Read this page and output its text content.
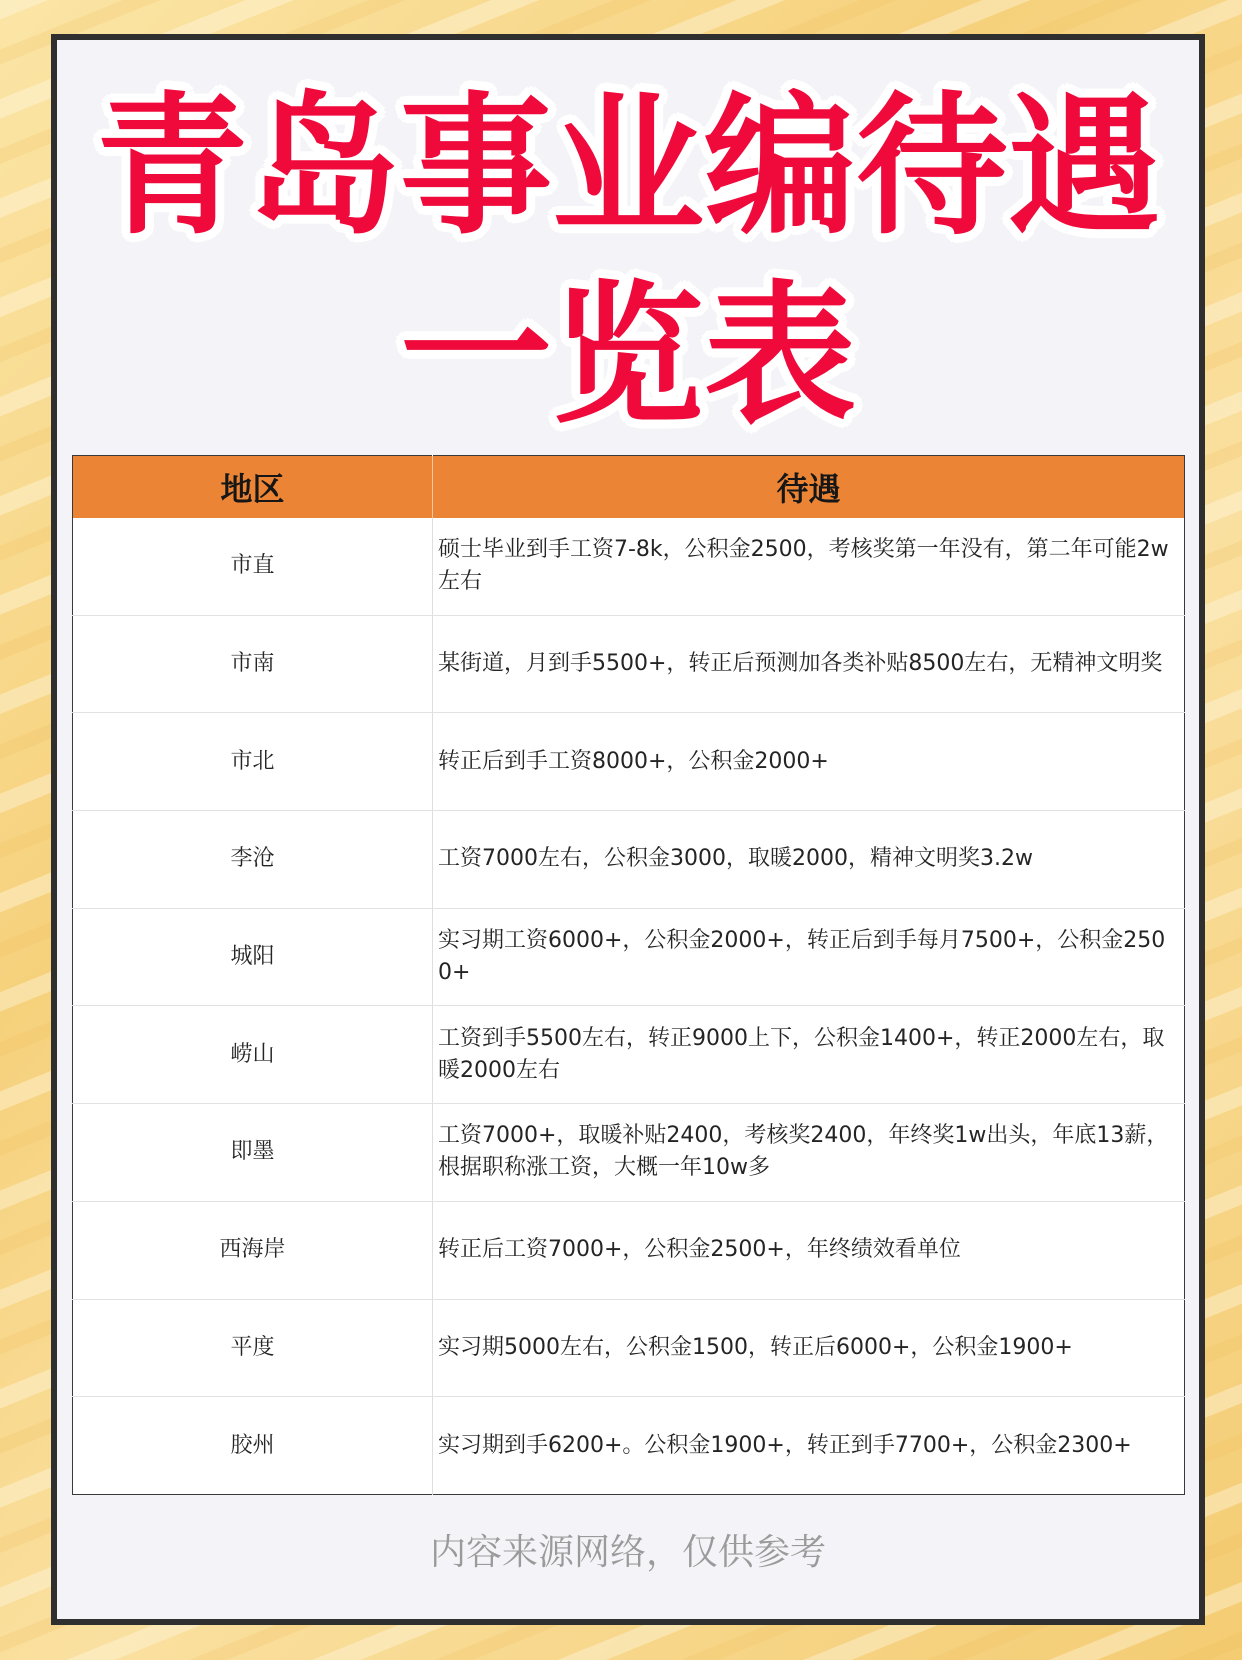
青岛事业编待遇
一览表
地区	待遇
市直	硕士毕业到手工资7-8k，公积金2500，考核奖第一年没有，第二年可能2w左右
市南	某街道，月到手5500+，转正后预测加各类补贴8500左右，无精神文明奖
市北	转正后到手工资8000+，公积金2000+
李沧	工资7000左右，公积金3000，取暖2000，精神文明奖3.2w
城阳	实习期工资6000+，公积金2000+，转正后到手每月7500+，公积金2500+
崂山	工资到手5500左右，转正9000上下，公积金1400+，转正2000左右，取暖2000左右
即墨	工资7000+，取暖补贴2400，考核奖2400，年终奖1w出头，年底13薪，根据职称涨工资，大概一年10w多
西海岸	转正后工资7000+，公积金2500+，年终绩效看单位
平度	实习期5000左右，公积金1500，转正后6000+，公积金1900+
胶州	实习期到手6200+。公积金1900+，转正到手7700+，公积金2300+
内容来源网络，仅供参考
